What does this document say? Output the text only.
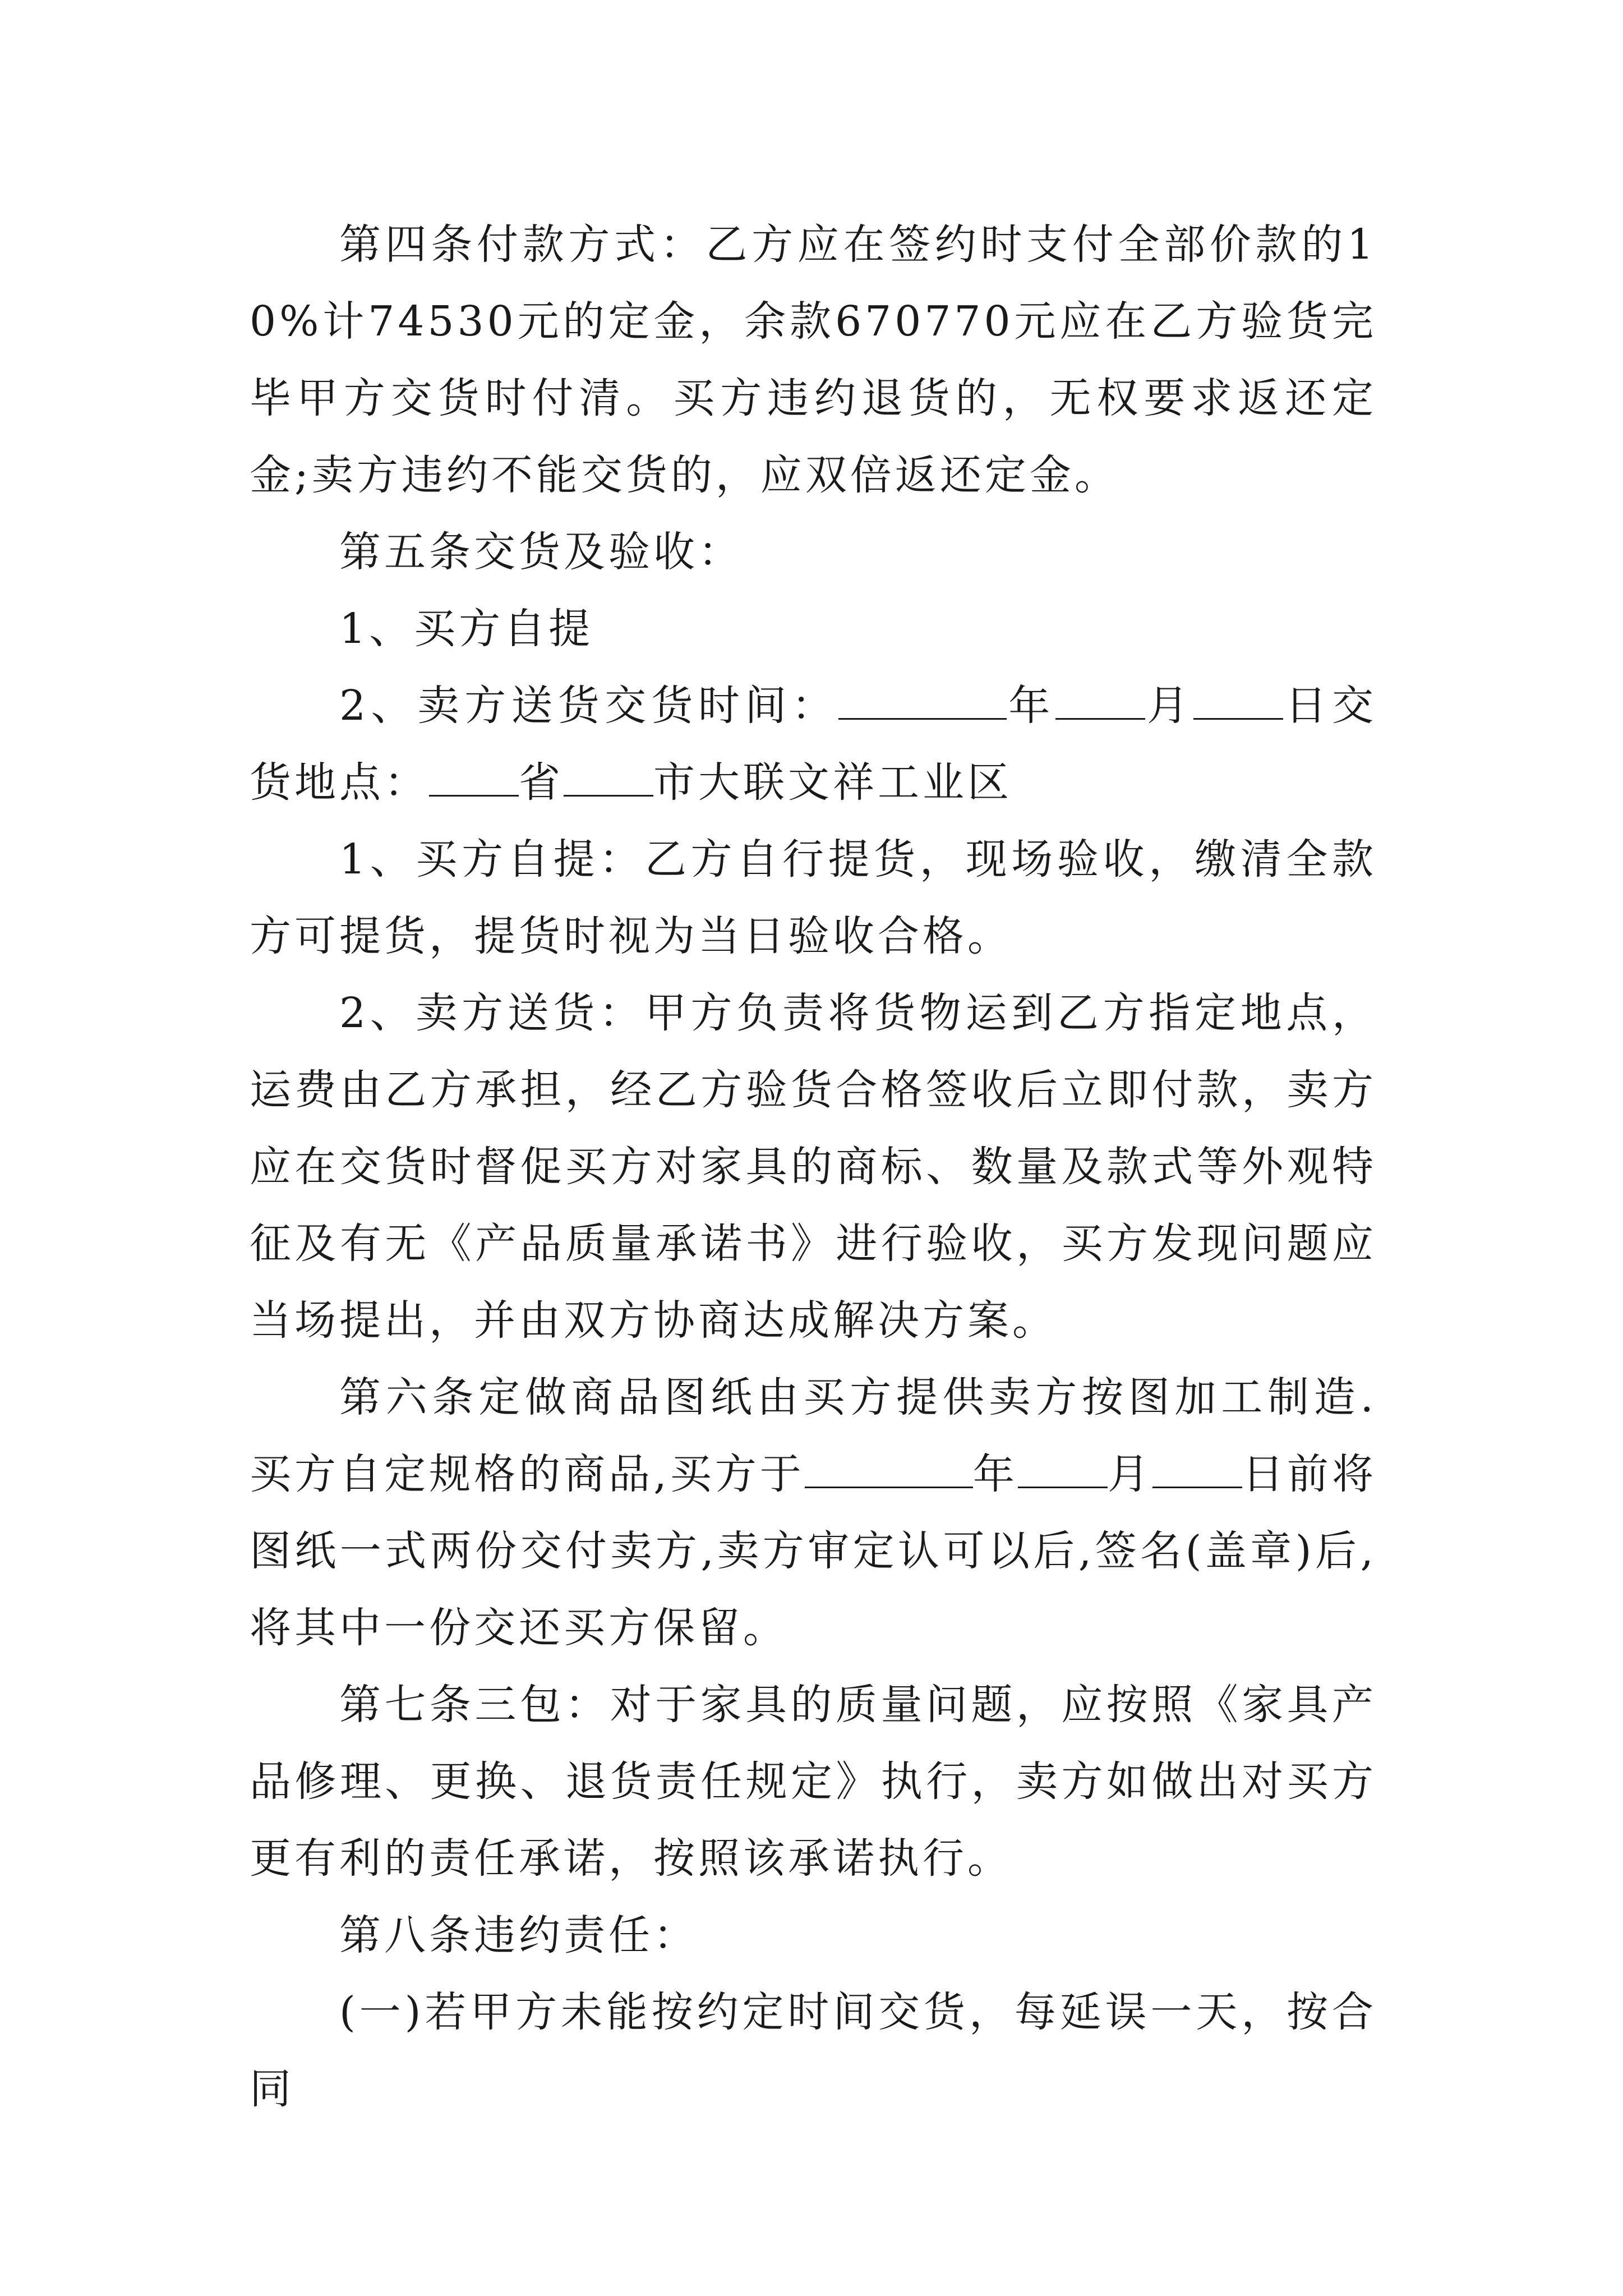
第四条付款方式：乙方应在签约时支付全部价款的10%计74530元的定金，余款670770元应在乙方验货完毕甲方交货时付清。买方违约退货的，无权要求返还定金;卖方违约不能交货的，应双倍返还定金。

第五条交货及验收：

1、买方自提

2、卖方送货交货时间：	年 月 日交货地点： 省 市大联文祥工业区

1、买方自提：乙方自行提货，现场验收，缴清全款方可提货，提货时视为当日验收合格。

2、卖方送货：甲方负责将货物运到乙方指定地点，运费由乙方承担，经乙方验货合格签收后立即付款，卖方应在交货时督促买方对家具的商标、数量及款式等外观特征及有无《产品质量承诺书》进行验收，买方发现问题应当场提出，并由双方协商达成解决方案。

第六条定做商品图纸由买方提供卖方按图加工制造.买方自定规格的商品,买方于	年 月 日前将图纸一式两份交付卖方,卖方审定认可以后,签名(盖章)后,将其中一份交还买方保留。

第七条三包：对于家具的质量问题，应按照《家具产品修理、更换、退货责任规定》执行，卖方如做出对买方更有利的责任承诺，按照该承诺执行。

第八条违约责任：

(一)若甲方未能按约定时间交货，每延误一天，按合同
